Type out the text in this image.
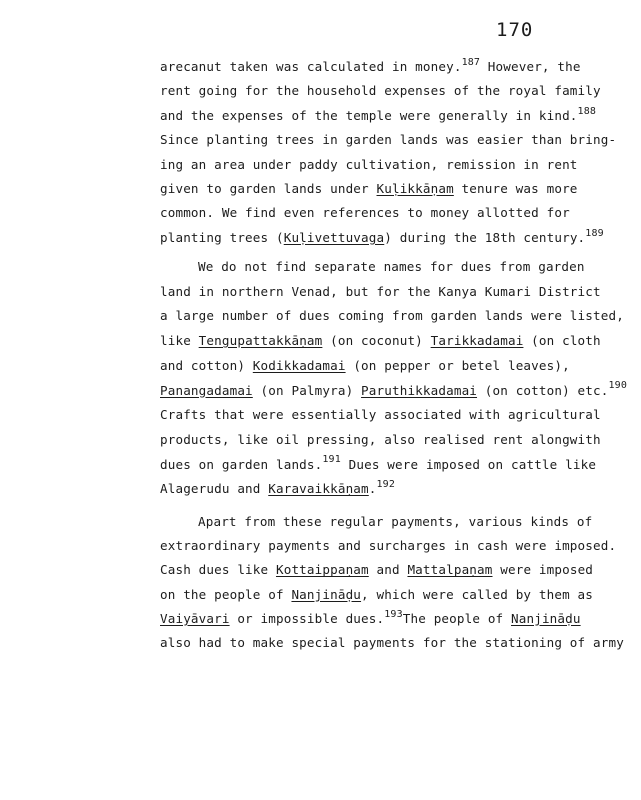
170
arecanut taken was calculated in money.$^{187}$ However, the
rent going for the household expenses of the royal family
and the expenses of the temple were generally in kind.$^{188}$
Since planting trees in garden lands was easier than bring-
ing an area under paddy cultivation, remission in rent
given to garden lands under Kuḷikkāṇam tenure was more
common. We find even references to money allotted for
planting trees (Kuḷivettuvaga) during the 18th century.$^{189}$
We do not find separate names for dues from garden
land in northern Venad, but for the Kanya Kumari District
a large number of dues coming from garden lands were listed,
like Tengupattakkāṇam (on coconut) Tarikkadamai (on cloth
and cotton) Kodikkadamai (on pepper or betel leaves),
Panangadamai (on Palmyra) Paruthikkadamai (on cotton) etc.$^{190}$
Crafts that were essentially associated with agricultural
products, like oil pressing, also realised rent alongwith
dues on garden lands.$^{191}$ Dues were imposed on cattle like
Alagerudu and Karavaikkāṇam.$^{192}$
Apart from these regular payments, various kinds of
extraordinary payments and surcharges in cash were imposed.
Cash dues like Kottaippaṇam and Mattalpaṇam were imposed
on the people of Nanjināḍu, which were called by them as
Vaiyāvari or impossible dues.$^{193}$The people of Nanjināḍu
also had to make special payments for the stationing of army
